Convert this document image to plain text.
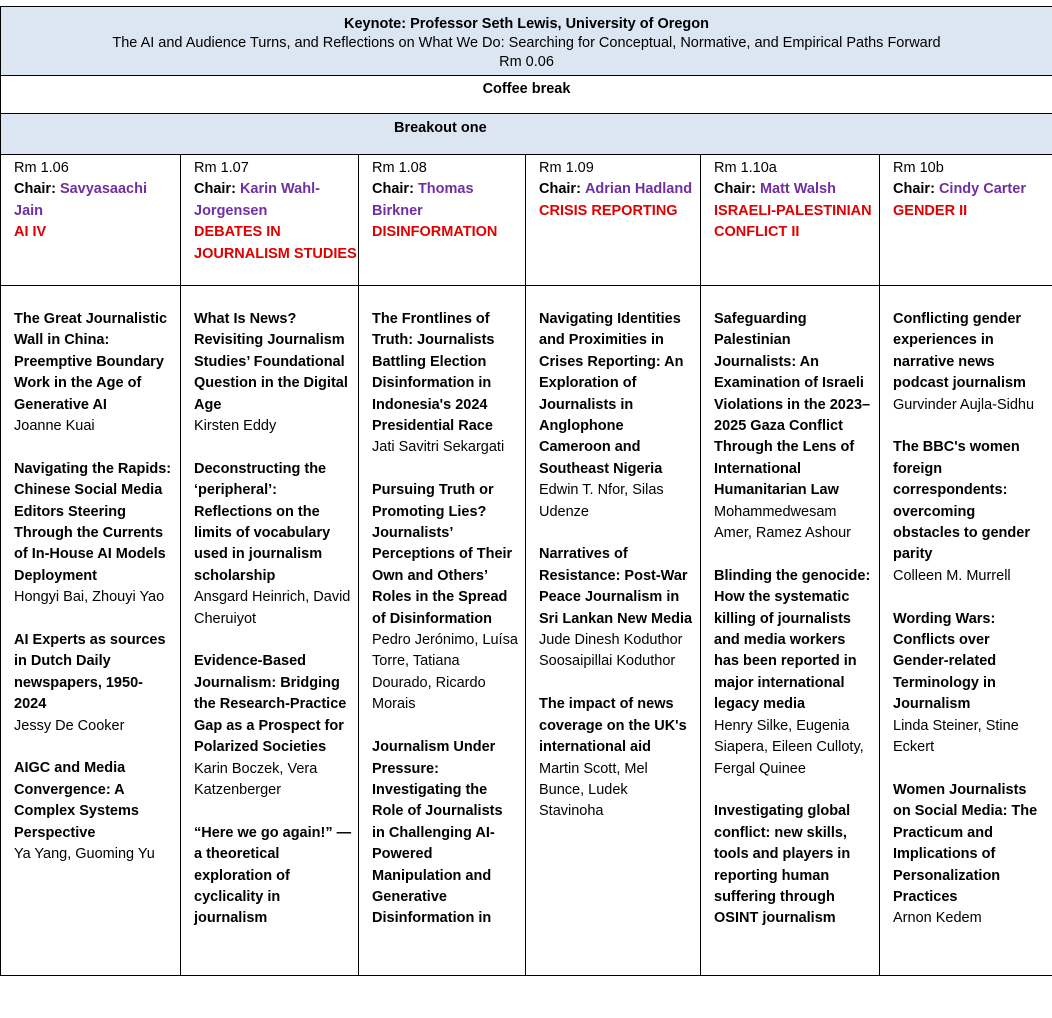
Keynote: Professor Seth Lewis, University of Oregon
The AI and Audience Turns, and Reflections on What We Do: Searching for Conceptual, Normative, and Empirical Paths Forward
Rm 0.06
Coffee break
Breakout one
Rm 1.06
Chair: Savyasaachi Jain
AI IV
The Great Journalistic Wall in China: Preemptive Boundary Work in the Age of Generative AI
Joanne Kuai
Navigating the Rapids: Chinese Social Media Editors Steering Through the Currents of In-House AI Models Deployment
Hongyi Bai, Zhouyi Yao
AI Experts as sources in Dutch Daily newspapers, 1950-2024
Jessy De Cooker
AIGC and Media Convergence: A Complex Systems Perspective
Ya Yang, Guoming Yu
Rm 1.07
Chair: Karin Wahl-Jorgensen
DEBATES IN JOURNALISM STUDIES
What Is News? Revisiting Journalism Studies’ Foundational Question in the Digital Age
Kirsten Eddy
Deconstructing the ‘peripheral’: Reflections on the limits of vocabulary used in journalism scholarship
Ansgard Heinrich, David Cheruiyot
Evidence-Based Journalism: Bridging the Research-Practice Gap as a Prospect for Polarized Societies
Karin Boczek, Vera Katzenberger
“Here we go again!” — a theoretical exploration of cyclicality in journalism
Rm 1.08
Chair: Thomas Birkner
DISINFORMATION
The Frontlines of Truth: Journalists Battling Election Disinformation in Indonesia's 2024 Presidential Race
Jati Savitri Sekargati
Pursuing Truth or Promoting Lies? Journalists’ Perceptions of Their Own and Others’ Roles in the Spread of Disinformation
Pedro Jerónimo, Luísa Torre, Tatiana Dourado, Ricardo Morais
Journalism Under Pressure: Investigating the Role of Journalists in Challenging AI-Powered Manipulation and Generative Disinformation in
Rm 1.09
Chair: Adrian Hadland
CRISIS REPORTING
Navigating Identities and Proximities in Crises Reporting: An Exploration of Journalists in Anglophone Cameroon and Southeast Nigeria
Edwin T. Nfor, Silas Udenze
Narratives of Resistance: Post-War Peace Journalism in Sri Lankan New Media
Jude Dinesh Koduthor Soosaipillai Koduthor
The impact of news coverage on the UK's international aid
Martin Scott, Mel Bunce, Ludek Stavinoha
Rm 1.10a
Chair: Matt Walsh
ISRAELI-PALESTINIAN CONFLICT II
Safeguarding Palestinian Journalists: An Examination of Israeli Violations in the 2023–2025 Gaza Conflict Through the Lens of International Humanitarian Law
Mohammedwesam Amer, Ramez Ashour
Blinding the genocide: How the systematic killing of journalists and media workers has been reported in major international legacy media
Henry Silke, Eugenia Siapera, Eileen Culloty, Fergal Quinee
Investigating global conflict: new skills, tools and players in reporting human suffering through OSINT journalism
Rm 10b
Chair: Cindy Carter
GENDER II
Conflicting gender experiences in narrative news podcast journalism
Gurvinder Aujla-Sidhu
The BBC's women foreign correspondents: overcoming obstacles to gender parity
Colleen M. Murrell
Wording Wars: Conflicts over Gender-related Terminology in Journalism
Linda Steiner, Stine Eckert
Women Journalists on Social Media: The Practicum and Implications of Personalization Practices
Arnon Kedem
